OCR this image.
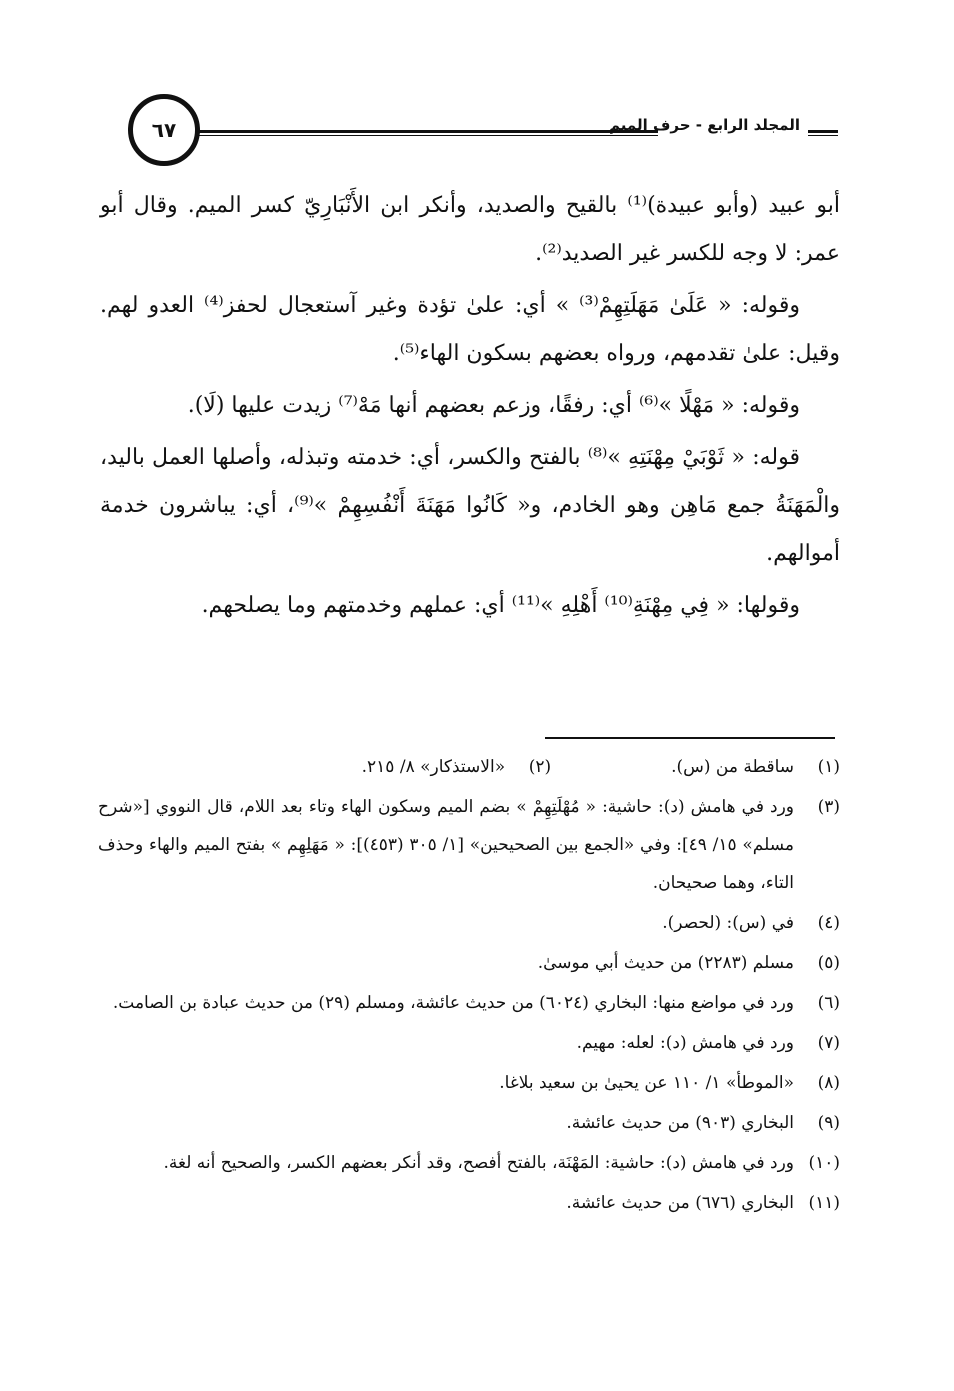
المجلد الرابع - حرف الميم
٦٧

أبو عبيد (وأبو عبيدة)⁽¹⁾ بالقيح والصديد، وأنكر ابن الأَنْبَارِيّ كسر الميم. وقال أبو عمر: لا وجه للكسر غير الصديد⁽²⁾.

وقوله: « عَلَىٰ مَهَلَتِهِمْ⁽³⁾ » أي: علىٰ تؤدة وغير آستعجال لحفز⁽⁴⁾ العدو لهم. وقيل: علىٰ تقدمهم، ورواه بعضهم بسكون الهاء⁽⁵⁾.

وقوله: « مَهْلًا »⁽⁶⁾ أي: رفقًا، وزعم بعضهم أنها مَهْ⁽⁷⁾ زيدت عليها (لَا).

قوله: « ثَوْبَيْ مِهْنَتِهِ »⁽⁸⁾ بالفتح والكسر، أي: خدمته وتبذله، وأصلها العمل باليد، والْمَهَنَةُ جمع مَاهِن وهو الخادم، و« كَانُوا مَهَنَةَ أَنْفُسِهِمْ »⁽⁹⁾، أي: يباشرون خدمة أموالهم.

وقولها: « فِي مِهْنَةِ⁽¹⁰⁾ أَهْلِهِ »⁽¹¹⁾ أي: عملهم وخدمتهم وما يصلحهم.

(١)
ساقطة من (س).
(٢)
«الاستذكار» ٨/ ٢١٥.
(٣)
ورد في هامش (د): حاشية: « مُهْلَتِهِمْ » بضم الميم وسكون الهاء وتاء بعد اللام، قال النووي [«شرح مسلم» ١٥/ ٤٩]: وفي «الجمع بين الصحيحين» [١/ ٣٠٥ (٤٥٣)]: « مَهَلِهِم » بفتح الميم والهاء وحذف التاء، وهما صحيحان.
(٤)
في (س): (لحصر).
(٥)
مسلم (٢٢٨٣) من حديث أبي موسىٰ.
(٦)
ورد في مواضع منها: البخاري (٦٠٢٤) من حديث عائشة، ومسلم (٢٩) من حديث عبادة بن الصامت.
(٧)
ورد في هامش (د): لعله: مهيم.
(٨)
«الموطأ» ١/ ١١٠ عن يحيىٰ بن سعيد بلاغا.
(٩)
البخاري (٩٠٣) من حديث عائشة.
(١٠)
ورد في هامش (د): حاشية: المَهْنَة، بالفتح أفصح، وقد أنكر بعضهم الكسر، والصحيح أنه لغة.
(١١)
البخاري (٦٧٦) من حديث عائشة.
